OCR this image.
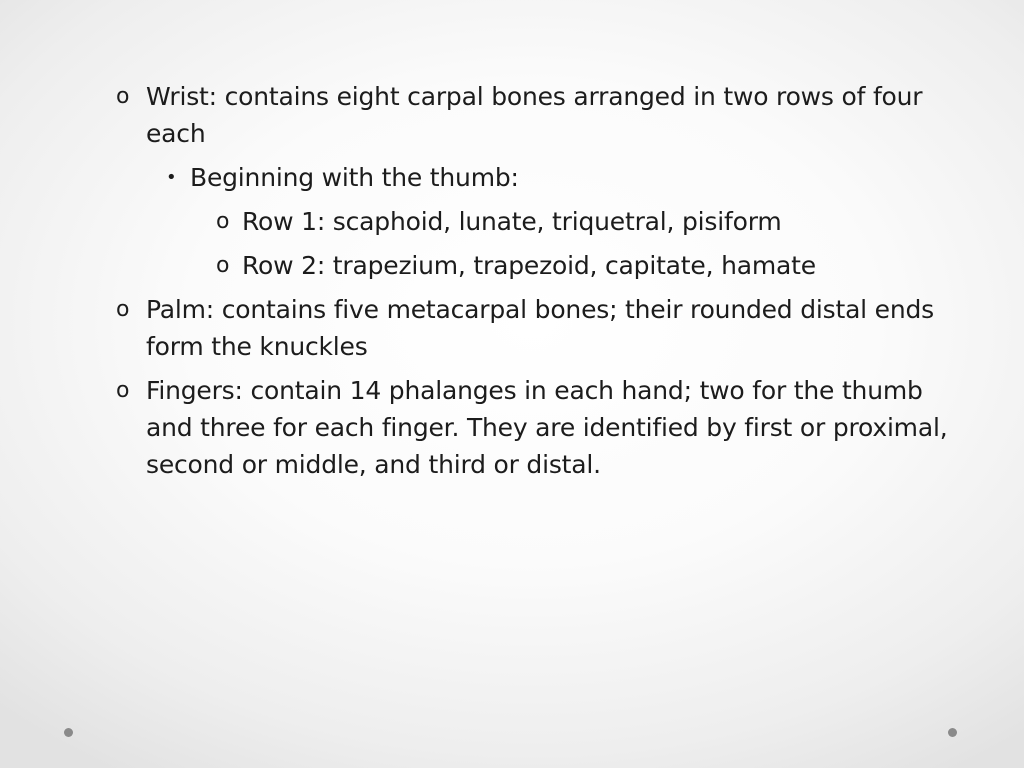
o Wrist: contains eight carpal bones arranged in two rows of four each
• Beginning with the thumb:
o Row 1: scaphoid, lunate, triquetral, pisiform
o Row 2: trapezium, trapezoid, capitate, hamate
o Palm: contains five metacarpal bones; their rounded distal ends form the knuckles
o Fingers: contain 14 phalanges in each hand; two for the thumb and three for each finger. They are identified by first or proximal, second or middle, and third or distal.
